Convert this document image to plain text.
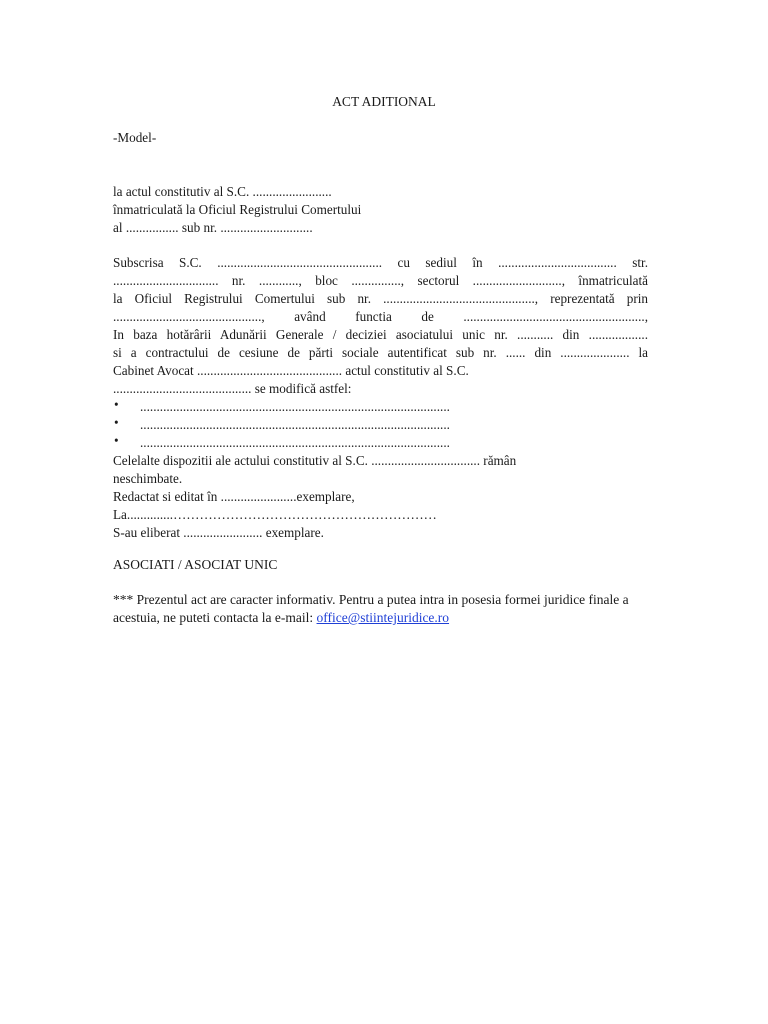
ACT ADITIONAL
-Model-
la actul constitutiv al S.C. ........................
înmatriculată la Oficiul Registrului Comertului
al ................ sub nr. ............................
Subscrisa S.C. .................................................. cu sediul în .................................... str.
................................ nr. ............, bloc ..............., sectorul ..........................., înmatriculată
la Oficiul Registrului Comertului sub nr. .............................................., reprezentată prin
............................................., având functia de .......................................................,
In baza hotărârii Adunării Generale / deciziei asociatului unic nr. ........... din ..................
si a contractului de cesiune de părti sociale autentificat sub nr. ...... din ..................... la
Cabinet Avocat ............................................ actul constitutiv al S.C.
.......................................... se modifică astfel:
• ..............................................................................................
• ..............................................................................................
• ..............................................................................................
Celelalte dispozitii ale actului constitutiv al S.C. ................................. rămân
neschimbate.
Redactat si editat în .......................exemplare,
La..............……………………………………………………
S-au eliberat ........................ exemplare.
ASOCIATI / ASOCIAT UNIC
*** Prezentul act are caracter informativ. Pentru a putea intra in posesia formei juridice finale a acestuia, ne puteti contacta la e-mail: office@stiintejuridice.ro
